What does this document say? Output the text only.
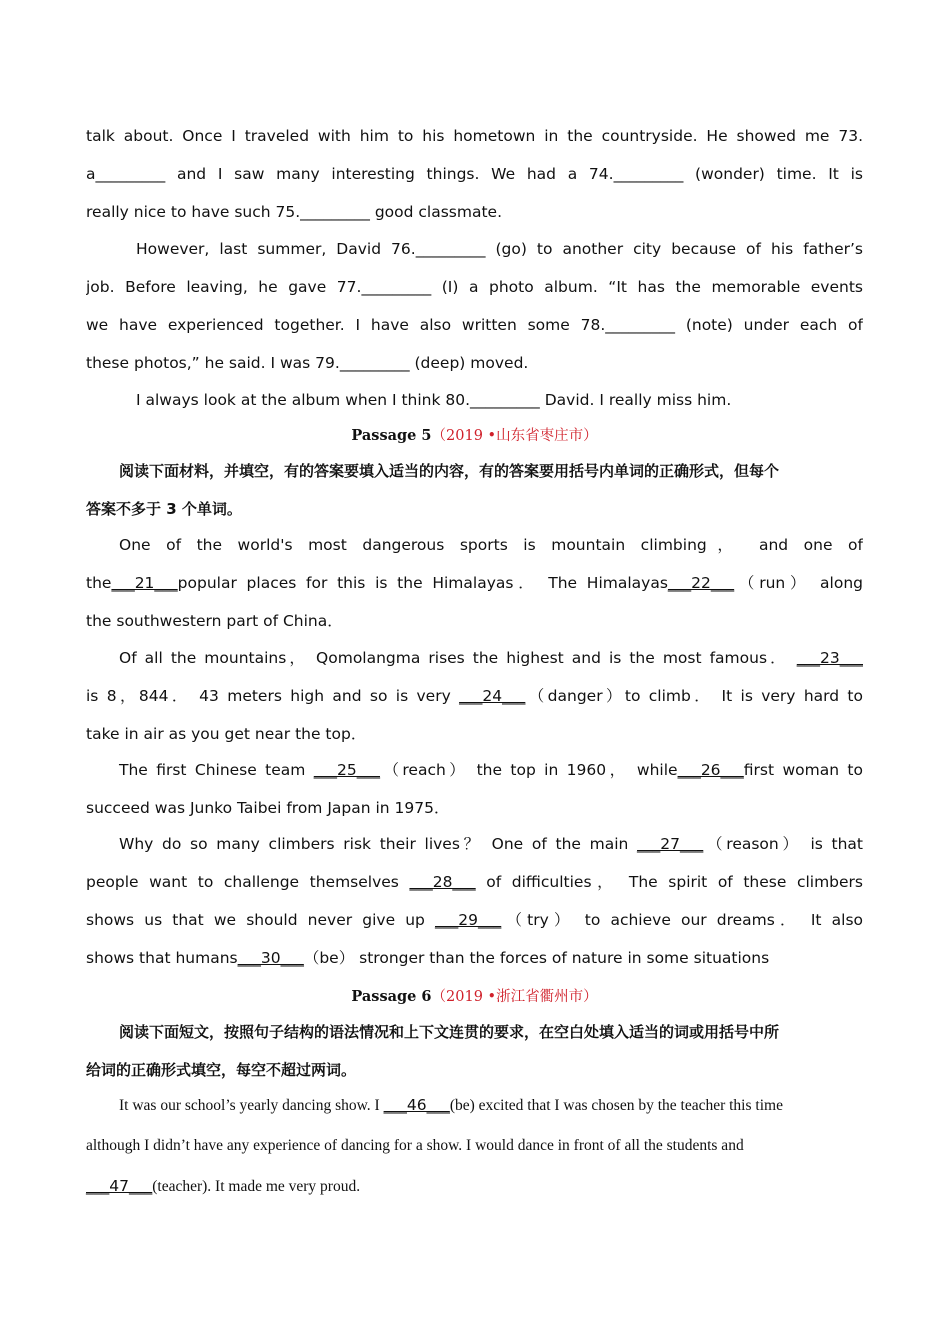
talk about. Once I traveled with him to his hometown in the countryside. He showed me 73.
a_________ and I saw many interesting things. We had a 74._________ (wonder) time. It is
really nice to have such 75._________ good classmate.
However, last summer, David 76._________ (go) to another city because of his father’s
job. Before leaving, he gave 77._________ (I) a photo album. “It has the memorable events
we have experienced together. I have also written some 78._________ (note) under each of
these photos,” he said. I was 79._________ (deep) moved.
I always look at the album when I think 80._________ David. I really miss him.
Passage 5（2019 •山东省枣庄市）
阅读下面材料，并填空，有的答案要填入适当的内容，有的答案要用括号内单词的正确形式，但每个
答案不多于 3 个单词。
One of the world's most dangerous sports is mountain climbing， and one of
the___21___popular places for this is the Himalayas． The Himalayas___22___（run） along
the southwestern part of China．
Of all the mountains， Qomolangma rises the highest and is the most famous． ___23___
is 8，844． 43 meters high and so is very ___24___（danger）to climb． It is very hard to
take in air as you get near the top．
The first Chinese team ___25___（reach） the top in 1960， while___26___first woman to
succeed was Junko Taibei from Japan in 1975．
Why do so many climbers risk their lives？ One of the main ___27___（reason） is that
people want to challenge themselves ___28___ of difficulties， The spirit of these climbers
shows us that we should never give up ___29___（try） to achieve our dreams． It also
shows that humans___30___（be） stronger than the forces of nature in some situations
Passage 6（2019 •浙江省衢州市）
阅读下面短文，按照句子结构的语法情况和上下文连贯的要求，在空白处填入适当的词或用括号中所
给词的正确形式填空，每空不超过两词。
It was our school’s yearly dancing show. I ___46___(be) excited that I was chosen by the teacher this time
although I didn’t have any experience of dancing for a show. I would dance in front of all the students and
___47___(teacher). It made me very proud.
